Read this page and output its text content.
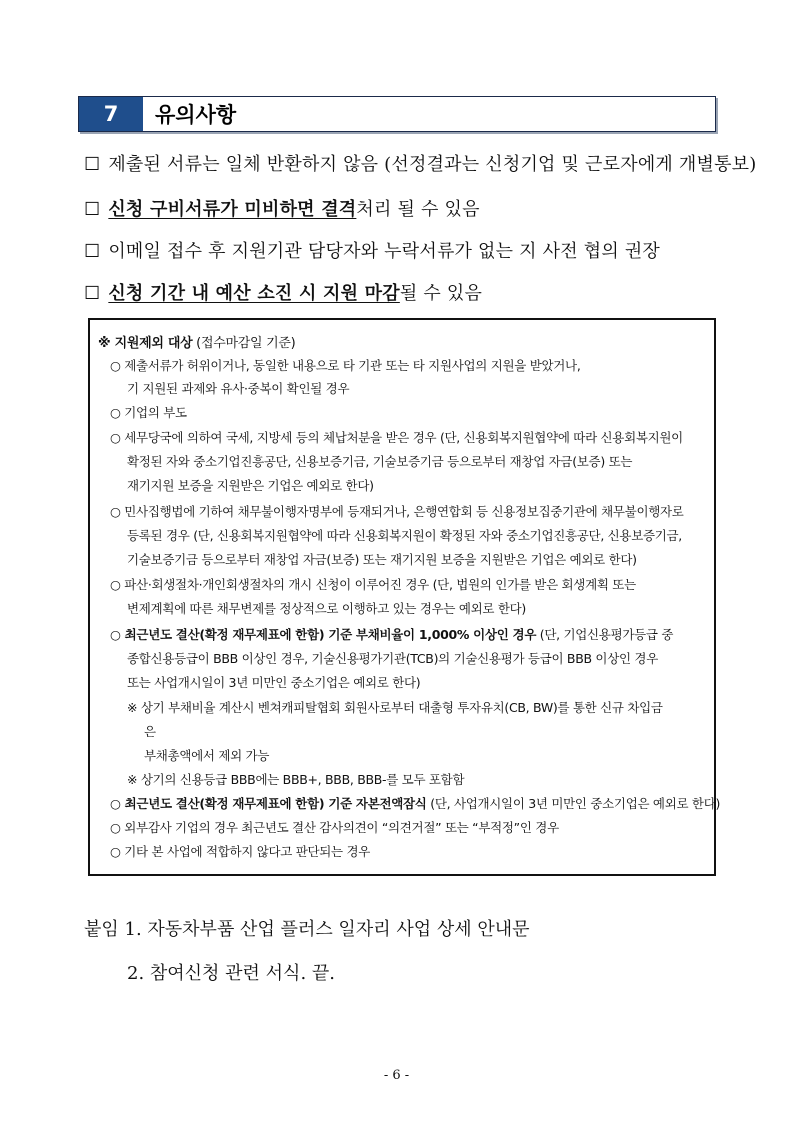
7	유의사항
☐ 제출된 서류는 일체 반환하지 않음 (선정결과는 신청기업 및 근로자에게 개별통보)
☐ 신청 구비서류가 미비하면 결격처리 될 수 있음
☐ 이메일 접수 후 지원기관 담당자와 누락서류가 없는 지 사전 협의 권장
☐ 신청 기간 내 예산 소진 시 지원 마감될 수 있음
※ 지원제외 대상 (접수마감일 기준)
○ 제출서류가 허위이거나, 동일한 내용으로 타 기관 또는 타 지원사업의 지원을 받았거나,
기 지원된 과제와 유사·중복이 확인될 경우
○ 기업의 부도
○ 세무당국에 의하여 국세, 지방세 등의 체납처분을 받은 경우 (단, 신용회복지원협약에 따라 신용회복지원이
확정된 자와 중소기업진흥공단, 신용보증기금, 기술보증기금 등으로부터 재창업 자금(보증) 또는
재기지원 보증을 지원받은 기업은 예외로 한다)
○ 민사집행법에 기하여 채무불이행자명부에 등재되거나, 은행연합회 등 신용정보집중기관에 채무불이행자로
등록된 경우 (단, 신용회복지원협약에 따라 신용회복지원이 확정된 자와 중소기업진흥공단, 신용보증기금,
기술보증기금 등으로부터 재창업 자금(보증) 또는 재기지원 보증을 지원받은 기업은 예외로 한다)
○ 파산·회생절차·개인회생절차의 개시 신청이 이루어진 경우 (단, 법원의 인가를 받은 회생계획 또는
변제계획에 따른 채무변제를 정상적으로 이행하고 있는 경우는 예외로 한다)
○ 최근년도 결산(확정 재무제표에 한함) 기준 부채비율이 1,000% 이상인 경우 (단, 기업신용평가등급 중
종합신용등급이 BBB 이상인 경우, 기술신용평가기관(TCB)의 기술신용평가 등급이 BBB 이상인 경우
또는 사업개시일이 3년 미만인 중소기업은 예외로 한다)
※ 상기 부채비율 계산시 벤쳐캐피탈협회 회원사로부터 대출형 투자유치(CB, BW)를 통한 신규 차입금
은
부채총액에서 제외 가능
※ 상기의 신용등급 BBB에는 BBB+, BBB, BBB-를 모두 포함함
○ 최근년도 결산(확정 재무제표에 한함) 기준 자본전액잠식 (단, 사업개시일이 3년 미만인 중소기업은 예외로 한다)
○ 외부감사 기업의 경우 최근년도 결산 감사의견이 “의견거절” 또는 “부적정”인 경우
○ 기타 본 사업에 적합하지 않다고 판단되는 경우
붙임 1. 자동차부품 산업 플러스 일자리 사업 상세 안내문
2. 참여신청 관련 서식. 끝.
- 6 -
